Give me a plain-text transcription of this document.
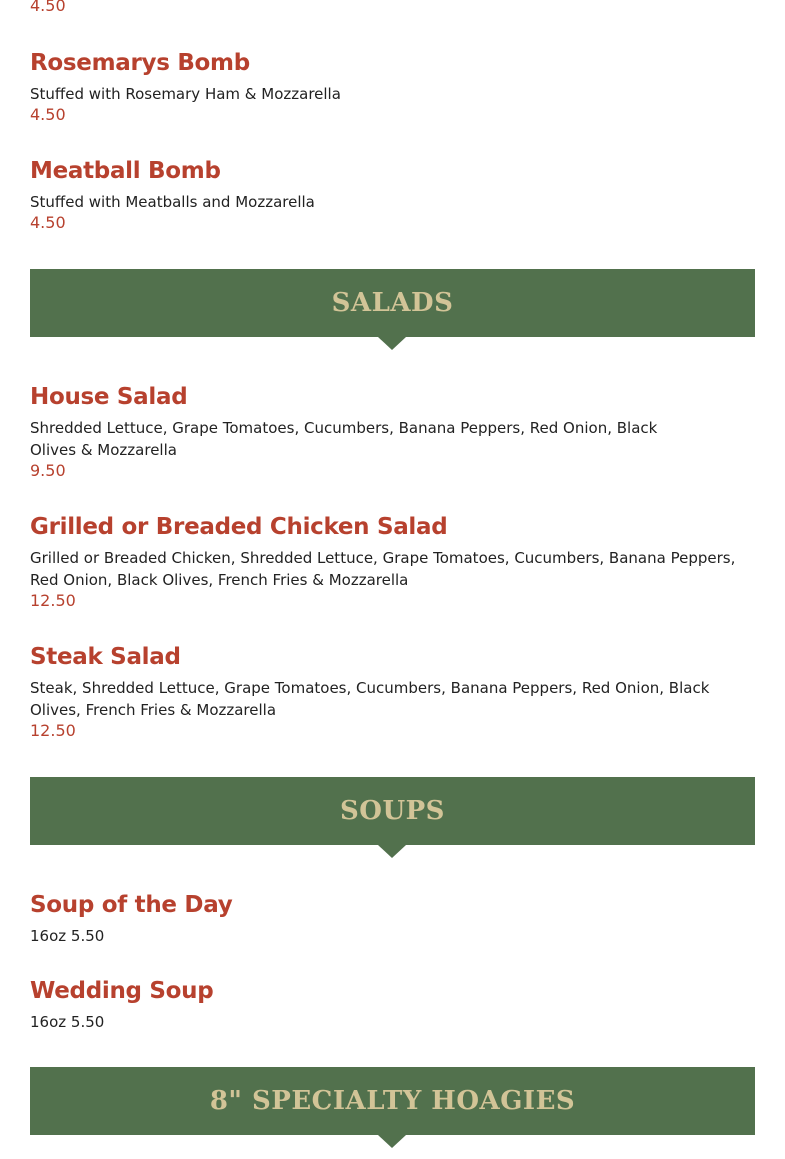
4.50
Rosemarys Bomb
Stuffed with Rosemary Ham & Mozzarella
4.50
Meatball Bomb
Stuffed with Meatballs and Mozzarella
4.50
SALADS
House Salad
Shredded Lettuce, Grape Tomatoes, Cucumbers, Banana Peppers, Red Onion, Black Olives & Mozzarella
9.50
Grilled or Breaded Chicken Salad
Grilled or Breaded Chicken, Shredded Lettuce, Grape Tomatoes, Cucumbers, Banana Peppers, Red Onion, Black Olives, French Fries & Mozzarella
12.50
Steak Salad
Steak, Shredded Lettuce, Grape Tomatoes, Cucumbers, Banana Peppers, Red Onion, Black Olives, French Fries & Mozzarella
12.50
SOUPS
Soup of the Day
16oz 5.50
Wedding Soup
16oz 5.50
8" SPECIALTY HOAGIES
